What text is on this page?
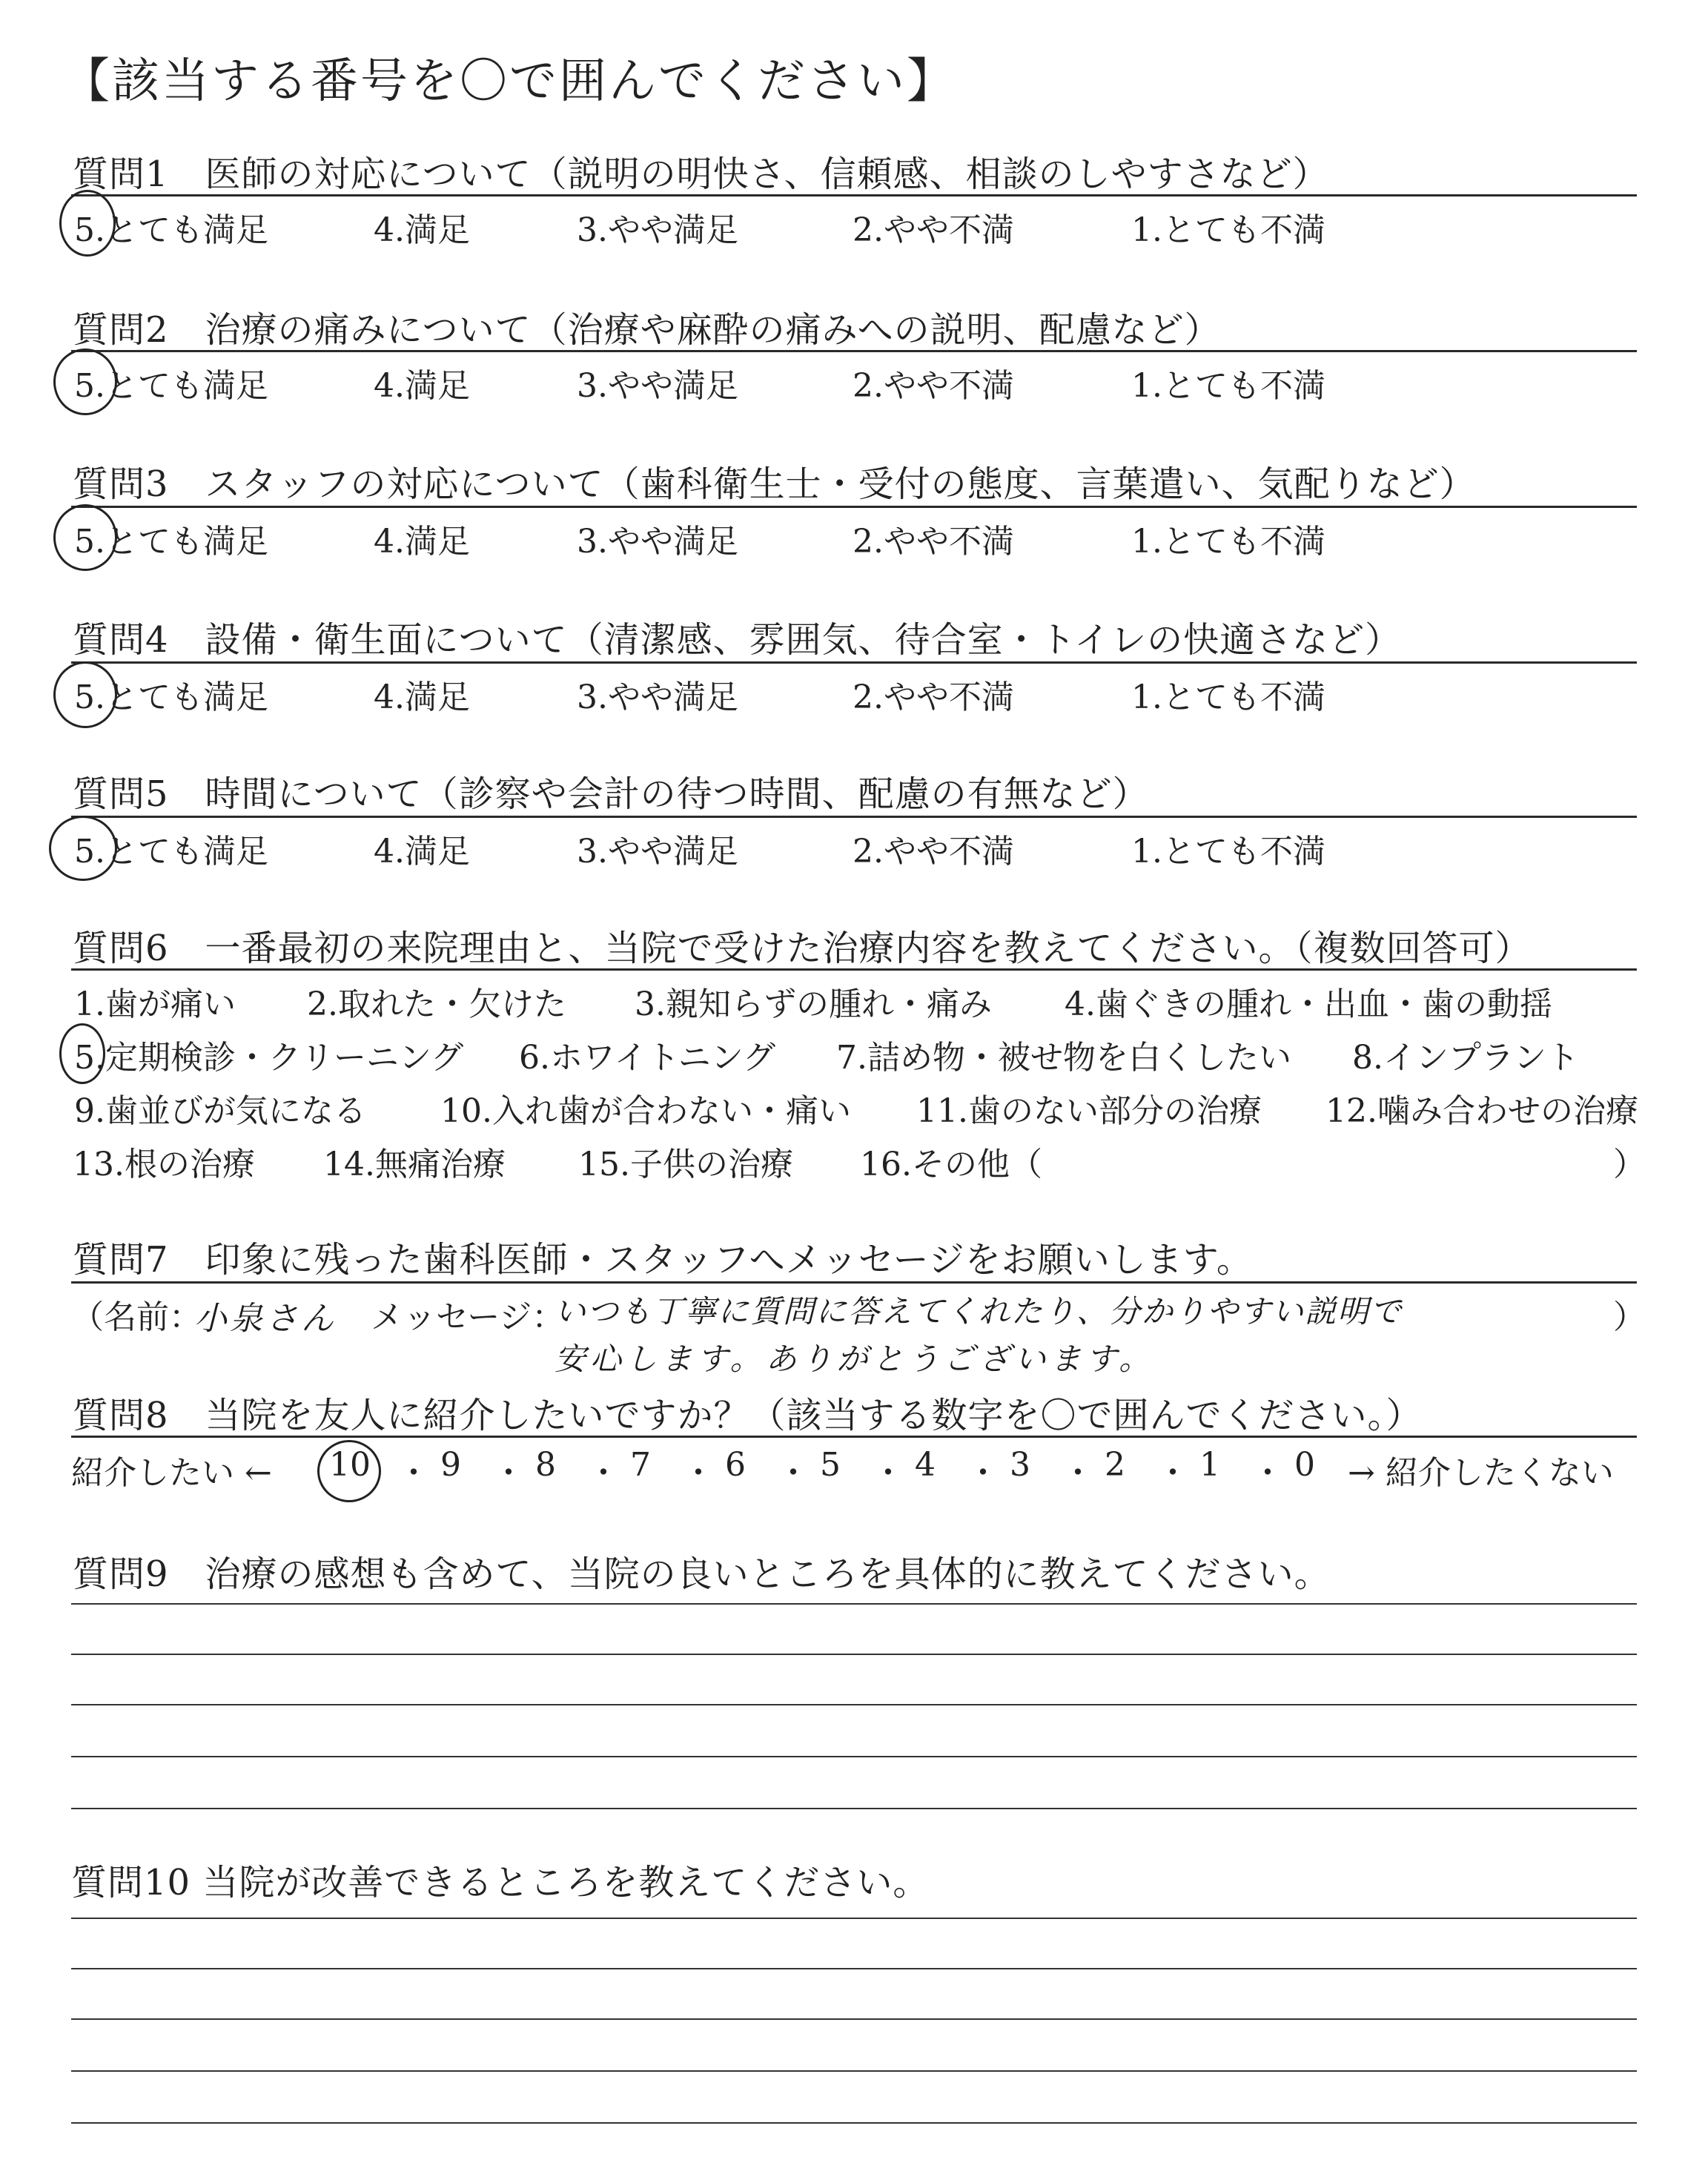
【該当する番号を〇で囲んでください】
質問1　医師の対応について（説明の明快さ、信頼感、相談のしやすさなど）
5.とても満足	4.満足	3.やや満足	2.やや不満	1.とても不満
質問2　治療の痛みについて（治療や麻酔の痛みへの説明、配慮など）
5.とても満足	4.満足	3.やや満足	2.やや不満	1.とても不満
質問3　スタッフの対応について（歯科衛生士・受付の態度、言葉遣い、気配りなど）
5.とても満足	4.満足	3.やや満足	2.やや不満	1.とても不満
質問4　設備・衛生面について（清潔感、雰囲気、待合室・トイレの快適さなど）
5.とても満足	4.満足	3.やや満足	2.やや不満	1.とても不満
質問5　時間について（診察や会計の待つ時間、配慮の有無など）
5.とても満足	4.満足	3.やや満足	2.やや不満	1.とても不満
質問6　一番最初の来院理由と、当院で受けた治療内容を教えてください。（複数回答可）
1.歯が痛い 2.取れた・欠けた 3.親知らずの腫れ・痛み 4.歯ぐきの腫れ・出血・歯の動揺
5.定期検診・クリーニング 6.ホワイトニング 7.詰め物・被せ物を白くしたい 8.インプラント
9.歯並びが気になる 10.入れ歯が合わない・痛い 11.歯のない部分の治療 12.噛み合わせの治療
13.根の治療 14.無痛治療 15.子供の治療 16.その他（	）
質問7　印象に残った歯科医師・スタッフへメッセージをお願いします。
（名前：
小泉さん メッセージ：
いつも丁寧に質問に答えてくれたり、分かりやすい説明で	）
安心します。ありがとうございます。
質問8　当院を友人に紹介したいですか？（該当する数字を〇で囲んでください。）
紹介したい ← 10 ・ 9 ・ 8 ・ 7 ・ 6 ・ 5 ・ 4 ・ 3 ・ 2 ・ 1 ・ 0 → 紹介したくない
質問9　治療の感想も含めて、当院の良いところを具体的に教えてください。
質問10 当院が改善できるところを教えてください。
